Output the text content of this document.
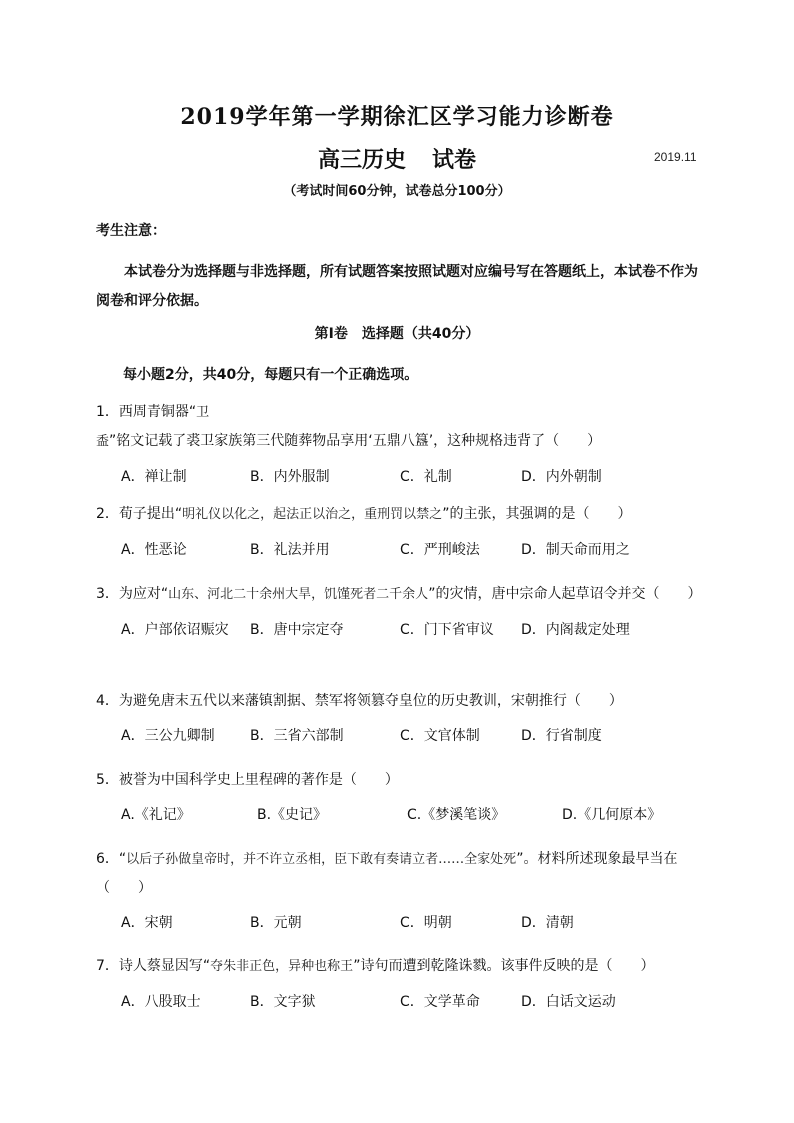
2019学年第一学期徐汇区学习能力诊断卷
高三历史 试卷	2019.11
（考试时间60分钟，试卷总分100分）
考生注意：
本试卷分为选择题与非选择题，所有试题答案按照试题对应编号写在答题纸上，本试卷不作为阅卷和评分依据。
第Ⅰ卷　选择题（共40分）
每小题2分，共40分，每题只有一个正确选项。
1．西周青铜器“卫盉”铭文记载了裘卫家族第三代随葬物品享用‘五鼎八簋’，这种规格违背了（　　）
A．禅让制	B．内外服制	C．礼制	D．内外朝制
2．荀子提出“明礼仪以化之，起法正以治之，重刑罚以禁之”的主张，其强调的是（　　）
A．性恶论	B．礼法并用	C．严刑峻法	D．制天命而用之
3．为应对“山东、河北二十余州大旱，饥馑死者二千余人”的灾情，唐中宗命人起草诏令并交（　　）
A．户部依诏赈灾 B．唐中宗定夺	C．门下省审议 D．内阁裁定处理
4．为避免唐末五代以来藩镇割据、禁军将领篡夺皇位的历史教训，宋朝推行（　　）
A．三公九卿制	B．三省六部制	C．文官体制	D．行省制度
5．被誉为中国科学史上里程碑的著作是（　　）
A.《礼记》	B.《史记》	C.《梦溪笔谈》	D.《几何原本》
6．“以后子孙做皇帝时，并不许立丞相，臣下敢有奏请立者……全家处死”。材料所述现象最早当在（　　）
A．宋朝	B．元朝	C．明朝	D．清朝
7．诗人蔡显因写“夺朱非正色，异种也称王”诗句而遭到乾隆诛戮。该事件反映的是（　　）
A．八股取士	B．文字狱	C．文学革命	D．白话文运动
